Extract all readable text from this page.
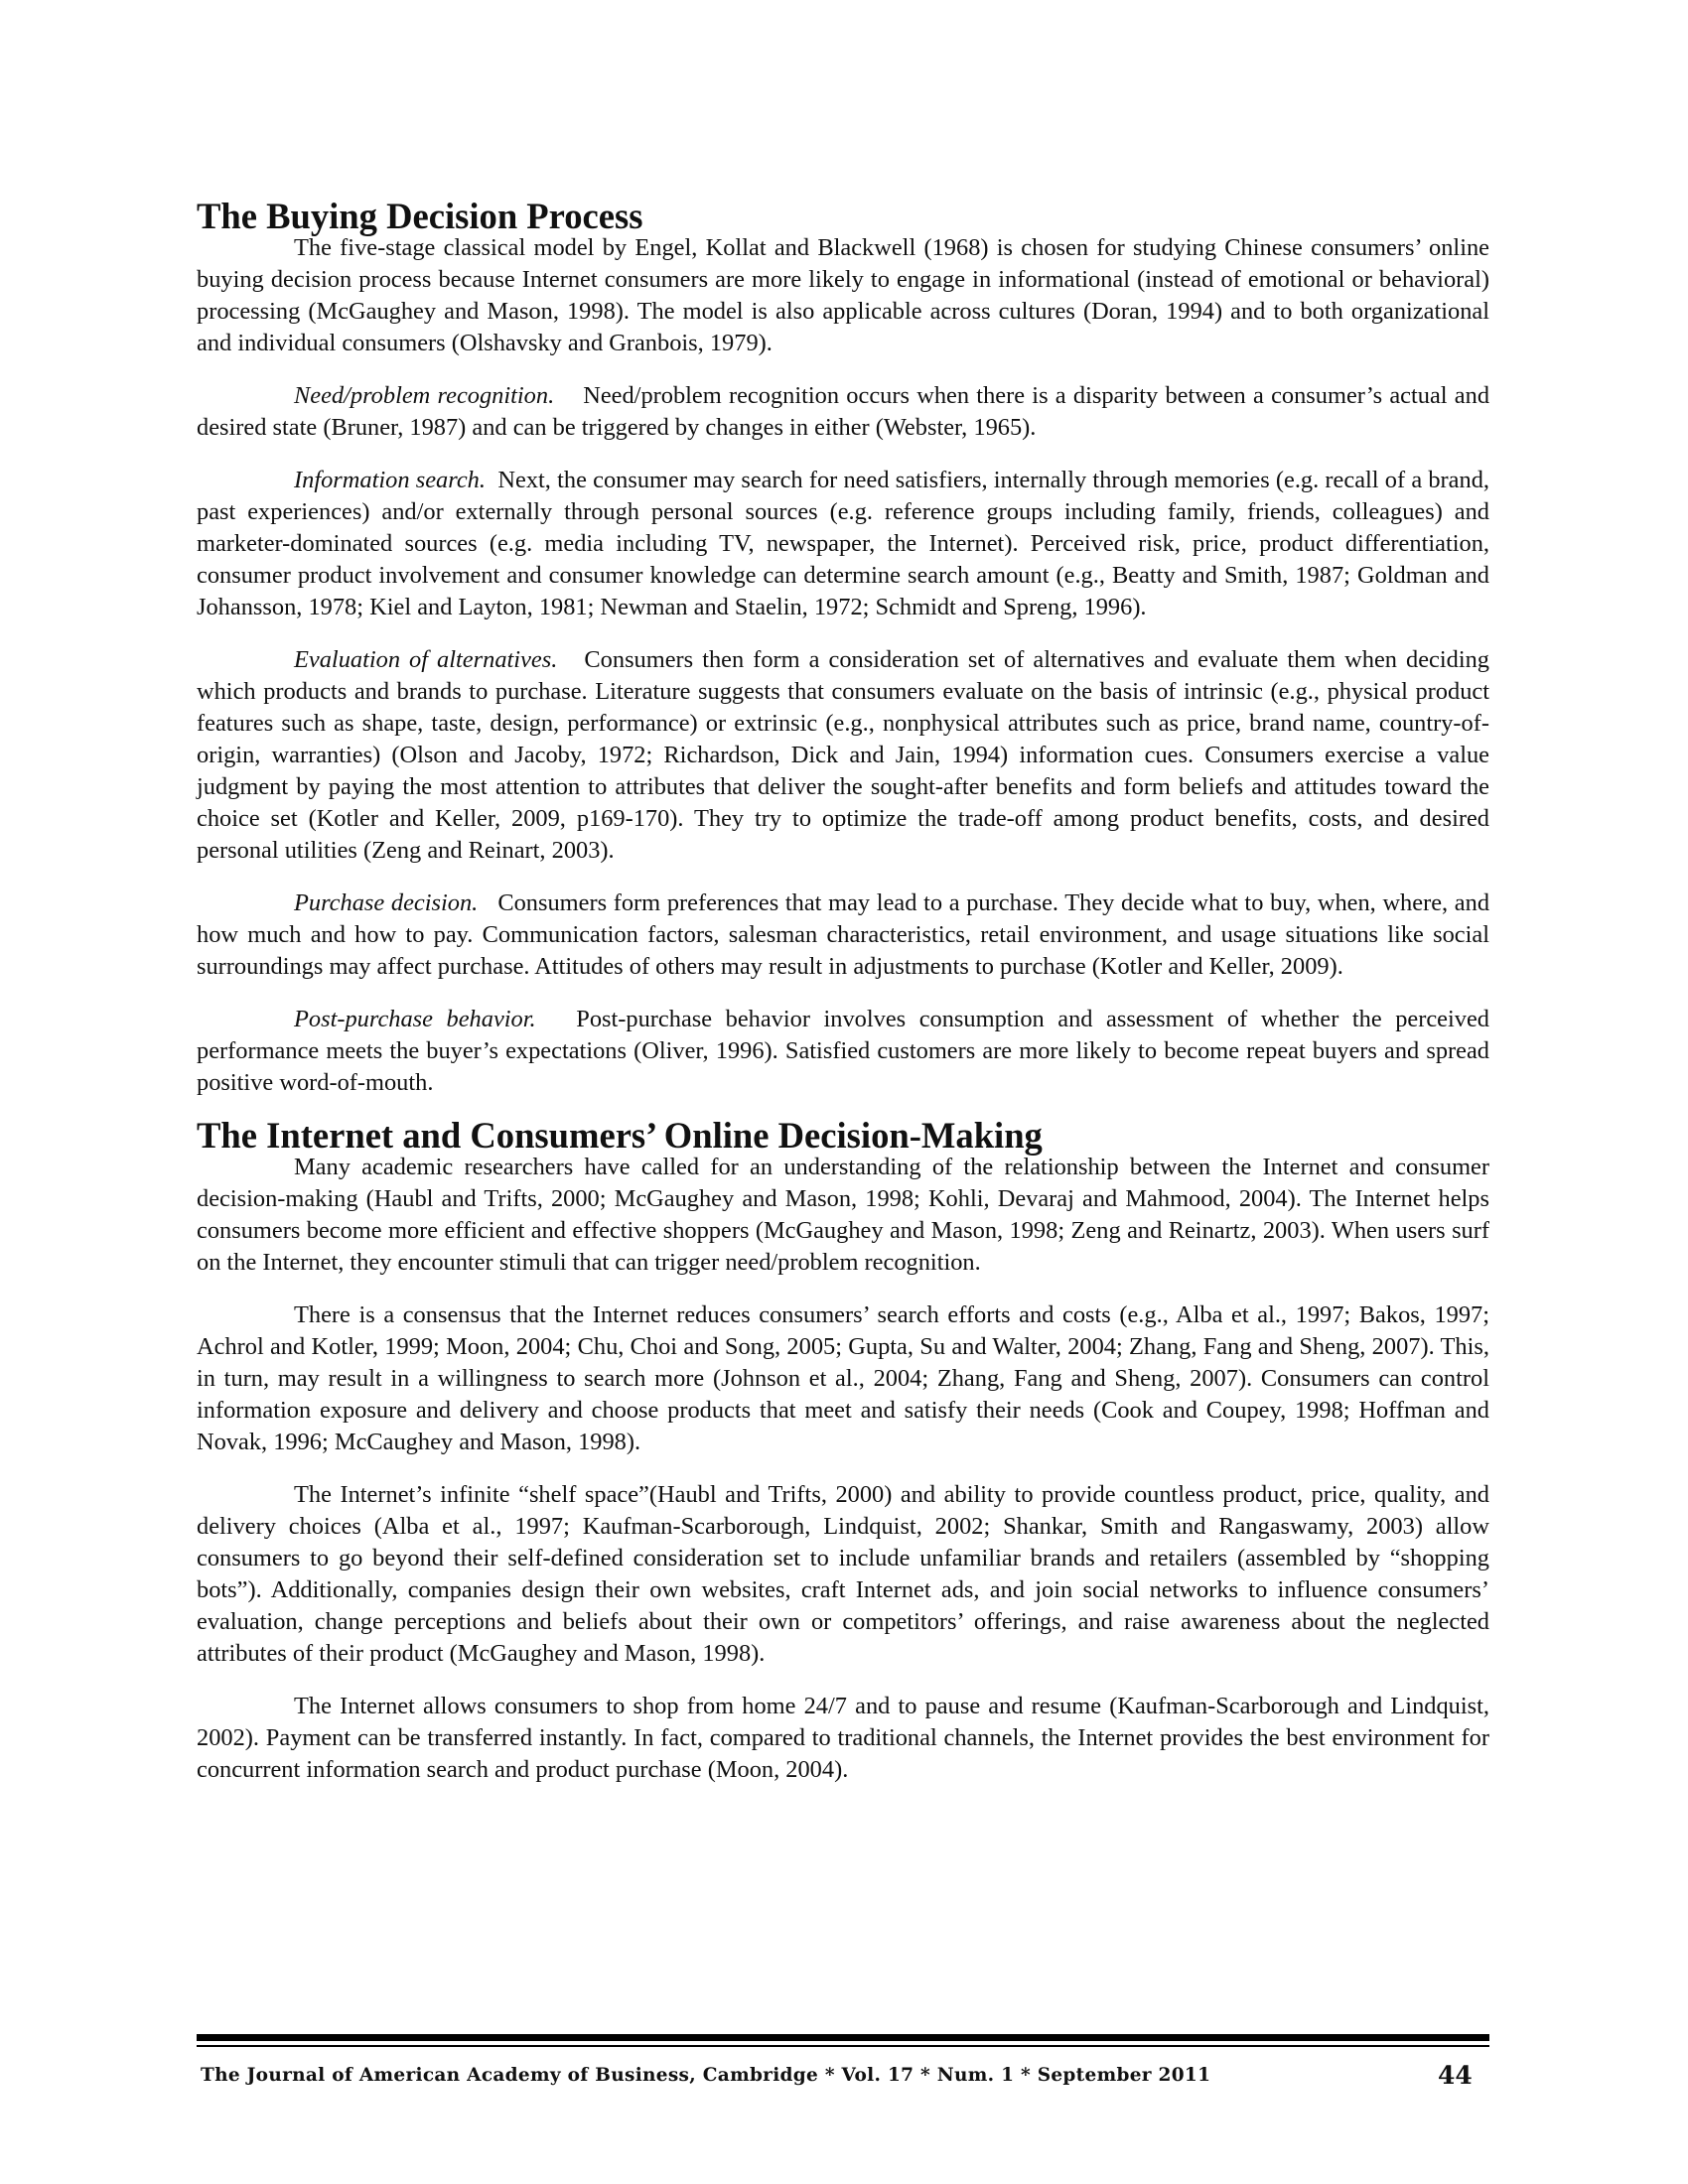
The Buying Decision Process

The five-stage classical model by Engel, Kollat and Blackwell (1968) is chosen for studying Chinese consumers’ online buying decision process because Internet consumers are more likely to engage in informational (instead of emotional or behavioral) processing (McGaughey and Mason, 1998). The model is also applicable across cultures (Doran, 1994) and to both organizational and individual consumers (Olshavsky and Granbois, 1979).

Need/problem recognition. Need/problem recognition occurs when there is a disparity between a consumer’s actual and desired state (Bruner, 1987) and can be triggered by changes in either (Webster, 1965).

Information search. Next, the consumer may search for need satisfiers, internally through memories (e.g. recall of a brand, past experiences) and/or externally through personal sources (e.g. reference groups including family, friends, colleagues) and marketer-dominated sources (e.g. media including TV, newspaper, the Internet). Perceived risk, price, product differentiation, consumer product involvement and consumer knowledge can determine search amount (e.g., Beatty and Smith, 1987; Goldman and Johansson, 1978; Kiel and Layton, 1981; Newman and Staelin, 1972; Schmidt and Spreng, 1996).

Evaluation of alternatives. Consumers then form a consideration set of alternatives and evaluate them when deciding which products and brands to purchase. Literature suggests that consumers evaluate on the basis of intrinsic (e.g., physical product features such as shape, taste, design, performance) or extrinsic (e.g., nonphysical attributes such as price, brand name, country-of-origin, warranties) (Olson and Jacoby, 1972; Richardson, Dick and Jain, 1994) information cues. Consumers exercise a value judgment by paying the most attention to attributes that deliver the sought-after benefits and form beliefs and attitudes toward the choice set (Kotler and Keller, 2009, p169-170). They try to optimize the trade-off among product benefits, costs, and desired personal utilities (Zeng and Reinart, 2003).

Purchase decision. Consumers form preferences that may lead to a purchase. They decide what to buy, when, where, and how much and how to pay. Communication factors, salesman characteristics, retail environment, and usage situations like social surroundings may affect purchase. Attitudes of others may result in adjustments to purchase (Kotler and Keller, 2009).

Post-purchase behavior. Post-purchase behavior involves consumption and assessment of whether the perceived performance meets the buyer’s expectations (Oliver, 1996). Satisfied customers are more likely to become repeat buyers and spread positive word-of-mouth.

The Internet and Consumers’ Online Decision-Making

Many academic researchers have called for an understanding of the relationship between the Internet and consumer decision-making (Haubl and Trifts, 2000; McGaughey and Mason, 1998; Kohli, Devaraj and Mahmood, 2004). The Internet helps consumers become more efficient and effective shoppers (McGaughey and Mason, 1998; Zeng and Reinartz, 2003). When users surf on the Internet, they encounter stimuli that can trigger need/problem recognition.

There is a consensus that the Internet reduces consumers’ search efforts and costs (e.g., Alba et al., 1997; Bakos, 1997; Achrol and Kotler, 1999; Moon, 2004; Chu, Choi and Song, 2005; Gupta, Su and Walter, 2004; Zhang, Fang and Sheng, 2007). This, in turn, may result in a willingness to search more (Johnson et al., 2004; Zhang, Fang and Sheng, 2007). Consumers can control information exposure and delivery and choose products that meet and satisfy their needs (Cook and Coupey, 1998; Hoffman and Novak, 1996; McCaughey and Mason, 1998).

The Internet’s infinite “shelf space”(Haubl and Trifts, 2000) and ability to provide countless product, price, quality, and delivery choices (Alba et al., 1997; Kaufman-Scarborough, Lindquist, 2002; Shankar, Smith and Rangaswamy, 2003) allow consumers to go beyond their self-defined consideration set to include unfamiliar brands and retailers (assembled by “shopping bots”). Additionally, companies design their own websites, craft Internet ads, and join social networks to influence consumers’ evaluation, change perceptions and beliefs about their own or competitors’ offerings, and raise awareness about the neglected attributes of their product (McGaughey and Mason, 1998).

The Internet allows consumers to shop from home 24/7 and to pause and resume (Kaufman-Scarborough and Lindquist, 2002). Payment can be transferred instantly. In fact, compared to traditional channels, the Internet provides the best environment for concurrent information search and product purchase (Moon, 2004).

The Journal of American Academy of Business, Cambridge * Vol. 17 * Num. 1 * September 2011	44
